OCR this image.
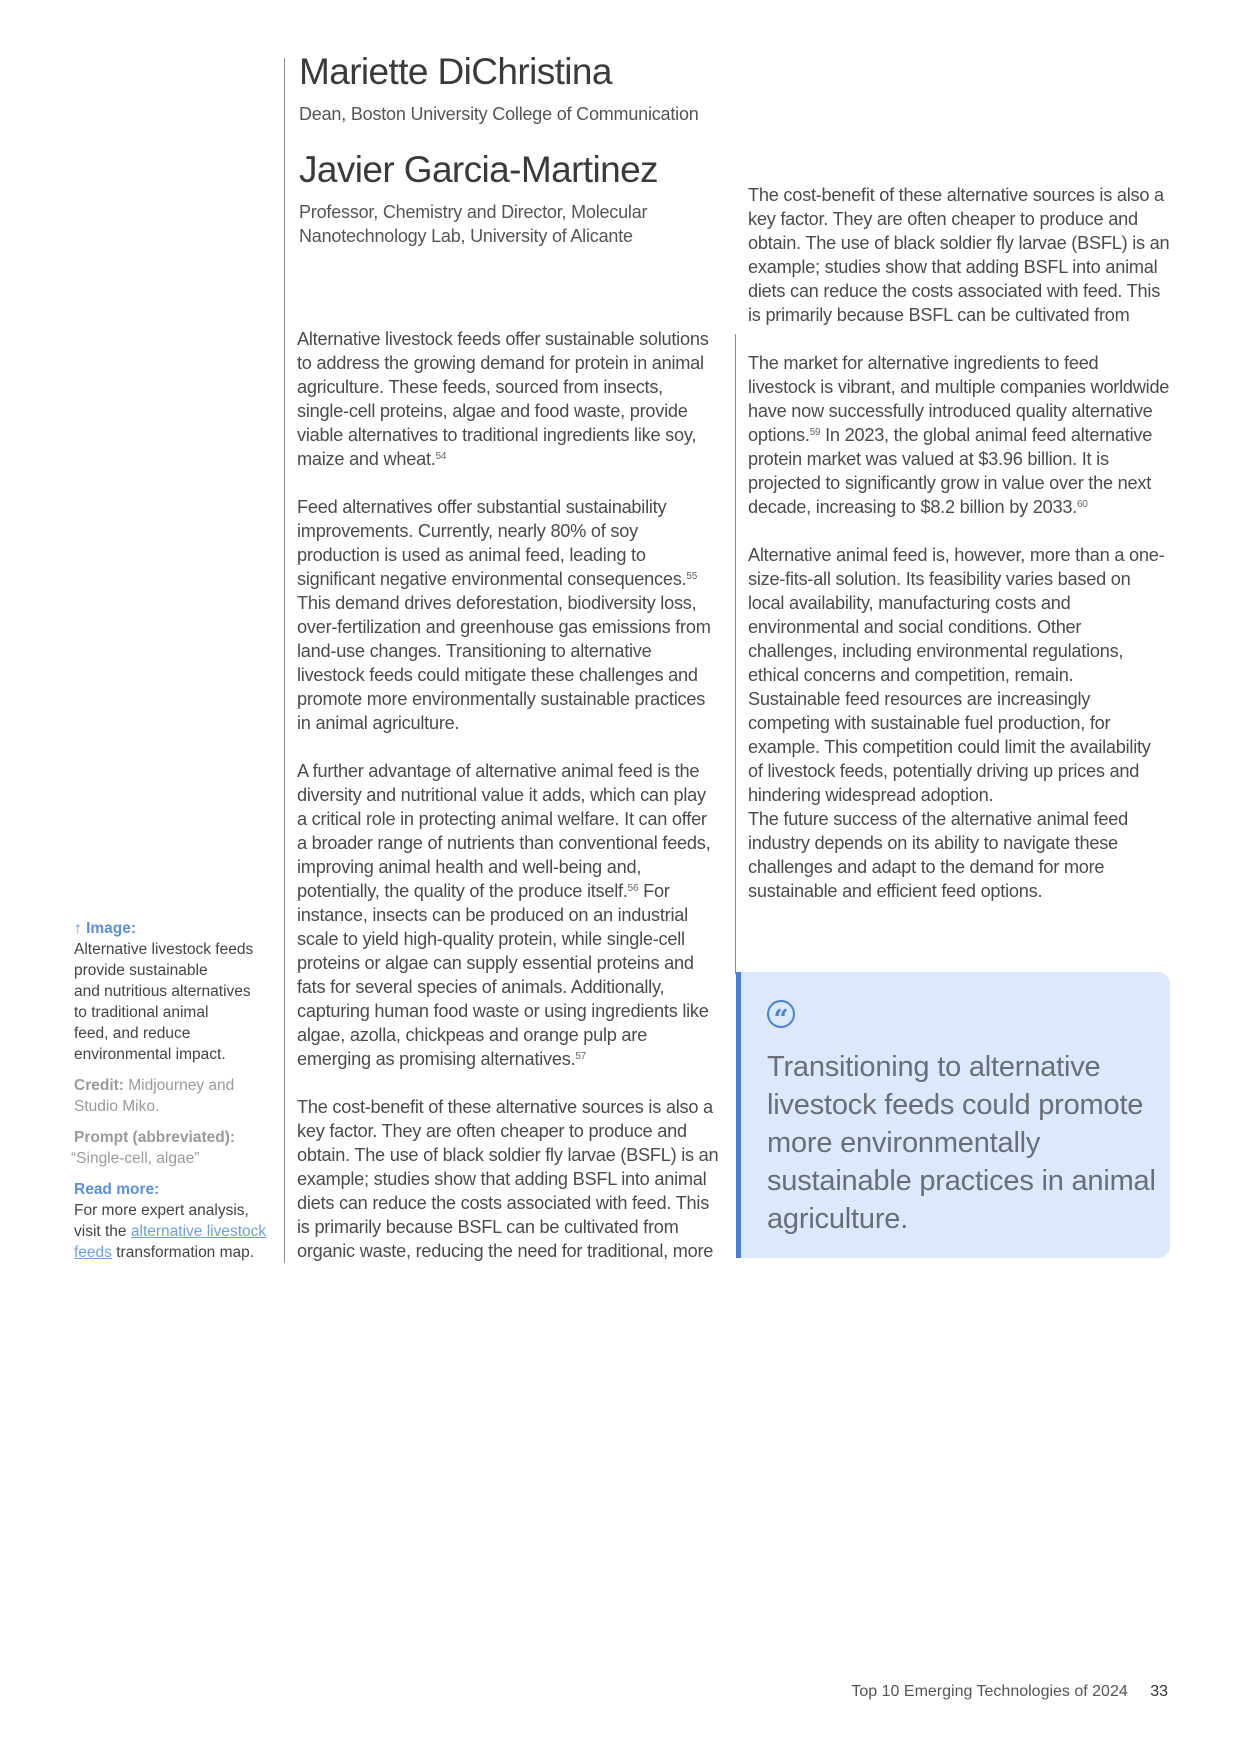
Mariette DiChristina
Dean, Boston University College of Communication
Javier Garcia-Martinez
Professor, Chemistry and Director, Molecular
Nanotechnology Lab, University of Alicante
↑ Image:
Alternative livestock feeds
provide sustainable
and nutritious alternatives
to traditional animal
feed, and reduce
environmental impact.
Credit: Midjourney and
Studio Miko.
Prompt (abbreviated):
“Single-cell, algae”
Read more:
For more expert analysis,
visit the alternative livestock
feeds transformation map.

Alternative livestock feeds offer sustainable solutions to address the growing demand for protein in animal agriculture. These feeds, sourced from insects, single-cell proteins, algae and food waste, provide viable alternatives to traditional ingredients like soy, maize and wheat.$^{54}$

Feed alternatives offer substantial sustainability improvements. Currently, nearly 80% of soy production is used as animal feed, leading to significant negative environmental consequences.$^{55}$ This demand drives deforestation, biodiversity loss, over-fertilization and greenhouse gas emissions from land-use changes. Transitioning to alternative livestock feeds could mitigate these challenges and promote more environmentally sustainable practices in animal agriculture.

A further advantage of alternative animal feed is the diversity and nutritional value it adds, which can play a critical role in protecting animal welfare. It can offer a broader range of nutrients than conventional feeds, improving animal health and well-being and, potentially, the quality of the produce itself.$^{56}$ For instance, insects can be produced on an industrial scale to yield high-quality protein, while single-cell proteins or algae can supply essential proteins and fats for several species of animals. Additionally, capturing human food waste or using ingredients like algae, azolla, chickpeas and orange pulp are emerging as promising alternatives.$^{57}$

The cost-benefit of these alternative sources is also a key factor. They are often cheaper to produce and obtain. The use of black soldier fly larvae (BSFL) is an example; studies show that adding BSFL into animal diets can reduce the costs associated with feed. This is primarily because BSFL can be cultivated from organic waste, reducing the need for traditional, more

The cost-benefit of these alternative sources is also a key factor. They are often cheaper to produce and obtain. The use of black soldier fly larvae (BSFL) is an example; studies show that adding BSFL into animal diets can reduce the costs associated with feed. This is primarily because BSFL can be cultivated from

The market for alternative ingredients to feed livestock is vibrant, and multiple companies worldwide have now successfully introduced quality alternative options.$^{59}$ In 2023, the global animal feed alternative protein market was valued at $3.96 billion. It is projected to significantly grow in value over the next decade, increasing to $8.2 billion by 2033.60

Alternative animal feed is, however, more than a one-size-fits-all solution. Its feasibility varies based on local availability, manufacturing costs and environmental and social conditions. Other challenges, including environmental regulations, ethical concerns and competition, remain. Sustainable feed resources are increasingly competing with sustainable fuel production, for example. This competition could limit the availability of livestock feeds, potentially driving up prices and hindering widespread adoption.

The future success of the alternative animal feed industry depends on its ability to navigate these challenges and adapt to the demand for more sustainable and efficient feed options.

“
Transitioning to alternative livestock feeds could promote more environmentally sustainable practices in animal agriculture.
Top 10 Emerging Technologies of 2024 33
